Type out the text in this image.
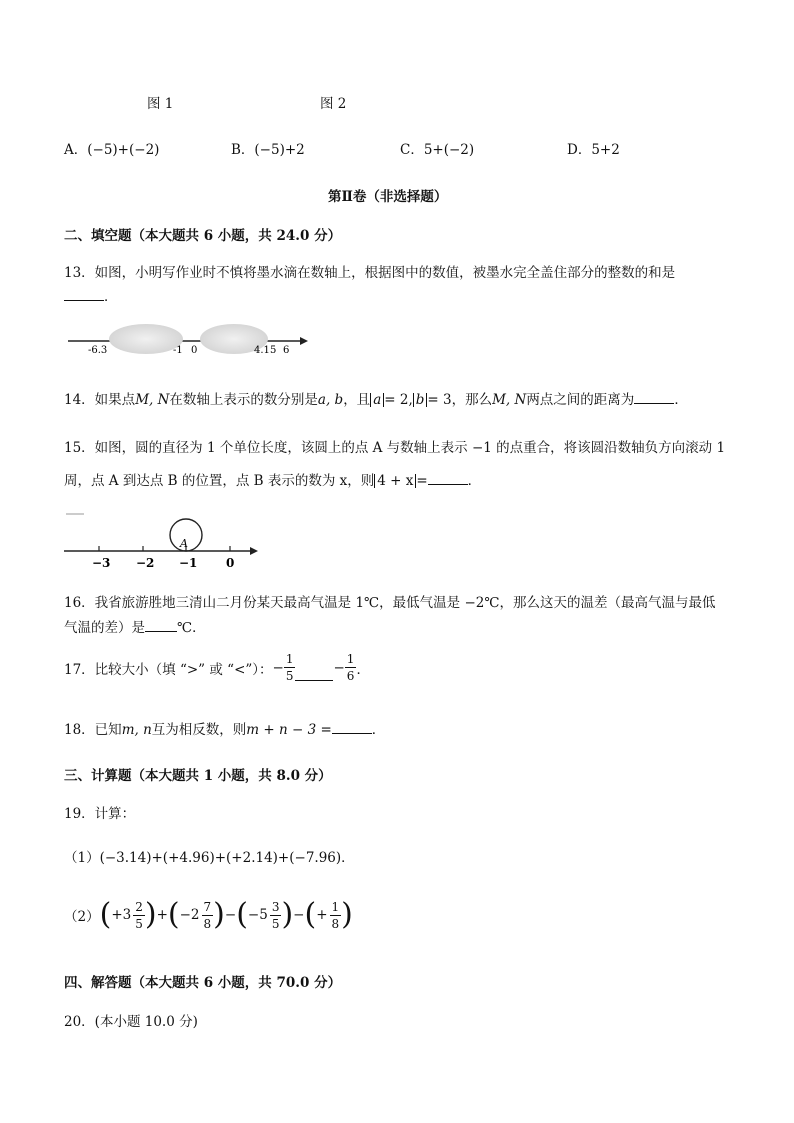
图 1	图 2
A．(−5)+(−2)	B．(−5)+2	C．5+(−2)	D．5+2
第Ⅱ卷（非选择题）
二、填空题（本大题共 6 小题，共 24.0 分）
13．如图，小明写作业时不慎将墨水滴在数轴上，根据图中的数值，被墨水完全盖住部分的整数的和是
．
-6.3	-1 0	4.1 5 6
14．如果点M, N在数轴上表示的数分别是a, b，且 a = 2, b = 3，那么M, N两点之间的距离为	．
15．如图，圆的直径为 1 个单位长度，该圆上的点 A 与数轴上表示 −1 的点重合，将该圆沿数轴负方向滚动 1
周，点 A 到达点 B 的位置，点 B 表示的数为 x，则 4 + x =	．
A
−3 −2 −1 0
16．我省旅游胜地三清山二月份某天最高气温是 1℃，最低气温是 −2℃，那么这天的温差（最高气温与最低
气温的差）是 ℃．
17．比较大小（填 “>” 或 “<”）： − $\frac{1}{5}$	− $\frac{1}{6}$ ．
18．已知m, n互为相反数，则m + n − 3 =	．
三、计算题（本大题共 1 小题，共 8.0 分）
19．计算：
（1）(−3.14)+(+4.96)+(+2.14)+(−7.96)．
（2） ( $+3 \frac{2}{5}$ ) + ( $-2 \frac{7}{8}$ ) − ( $-5 \frac{3}{5}$ ) − ( + $\frac{1}{8}$ )
四、解答题（本大题共 6 小题，共 70.0 分）
20．(本小题 10.0 分)
